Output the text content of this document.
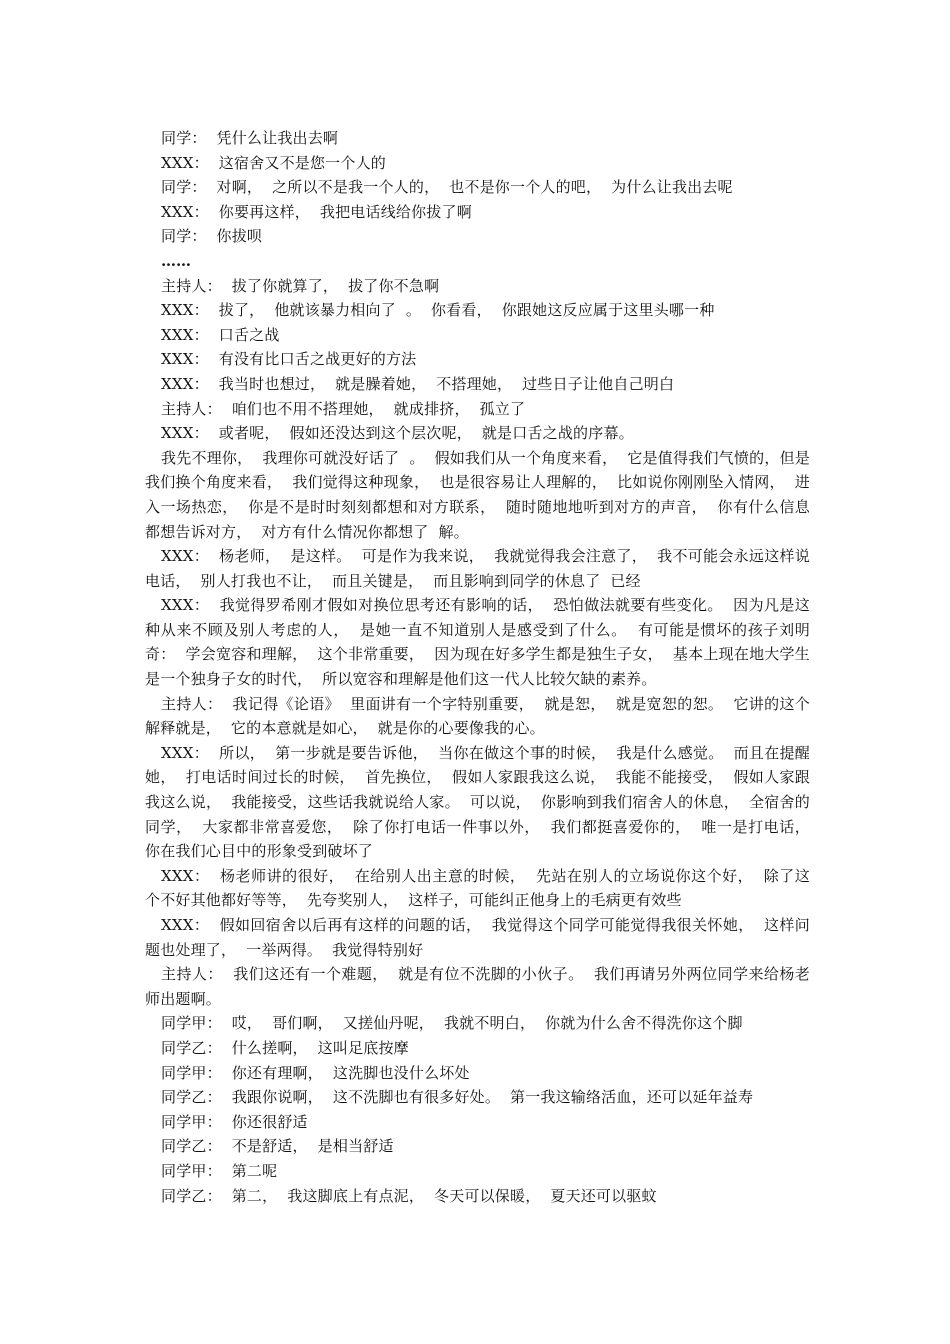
同学：  凭什么让我出去啊

XXX：  这宿舍又不是您一个人的

同学：  对啊，  之所以不是我一个人的，  也不是你一个人的吧，  为什么让我出去呢

XXX：  你要再这样，  我把电话线给你拔了啊

同学：  你拔呗

……

主持人：  拔了你就算了，  拔了你不急啊

XXX：  拔了，  他就该暴力相向了  。  你看看，  你跟她这反应属于这里头哪一种

XXX：  口舌之战

XXX：  有没有比口舌之战更好的方法

XXX：  我当时也想过，  就是臊着她，  不搭理她，  过些日子让他自己明白

主持人：  咱们也不用不搭理她，  就成排挤，  孤立了

XXX：  或者呢，  假如还没达到这个层次呢，  就是口舌之战的序幕。

我先不理你，  我理你可就没好话了  。  假如我们从一个角度来看，  它是值得我们气愤的，但是我们换个角度来看，  我们觉得这种现象，  也是很容易让人理解的，  比如说你刚刚坠入情网，  进入一场热恋，  你是不是时时刻刻都想和对方联系，  随时随地地听到对方的声音，  你有什么信息都想告诉对方，  对方有什么情况你都想了  解。

XXX：  杨老师，  是这样。  可是作为我来说，  我就觉得我会注意了，  我不可能会永远这样说电话，  别人打我也不让，  而且关键是，  而且影响到同学的休息了  已经

XXX：  我觉得罗希刚才假如对换位思考还有影响的话，  恐怕做法就要有些变化。  因为凡是这种从来不顾及别人考虑的人，  是她一直不知道别人是感受到了什么。  有可能是惯坏的孩子刘明奇：  学会宽容和理解，  这个非常重要，  因为现在好多学生都是独生子女，  基本上现在地大学生是一个独身子女的时代，  所以宽容和理解是他们这一代人比较欠缺的素养。

主持人：  我记得《论语》  里面讲有一个字特别重要，  就是恕，  就是宽恕的恕。  它讲的这个解释就是，  它的本意就是如心，  就是你的心要像我的心。

XXX：  所以，  第一步就是要告诉他，  当你在做这个事的时候，  我是什么感觉。  而且在提醒她，  打电话时间过长的时候，  首先换位，  假如人家跟我这么说，  我能不能接受，  假如人家跟我这么说，  我能接受，这些话我就说给人家。  可以说，  你影响到我们宿舍人的休息，  全宿舍的同学，  大家都非常喜爱您，  除了你打电话一件事以外，  我们都挺喜爱你的，  唯一是打电话，  你在我们心目中的形象受到破坏了

XXX：  杨老师讲的很好，  在给别人出主意的时候，  先站在别人的立场说你这个好，  除了这个不好其他都好等等，  先夸奖别人，  这样子，可能纠正他身上的毛病更有效些

XXX：  假如回宿舍以后再有这样的问题的话，  我觉得这个同学可能觉得我很关怀她，  这样问题也处理了，  一举两得。  我觉得特别好

主持人：  我们这还有一个难题，  就是有位不洗脚的小伙子。  我们再请另外两位同学来给杨老师出题啊。

同学甲：  哎，  哥们啊，  又搓仙丹呢，  我就不明白，  你就为什么舍不得洗你这个脚

同学乙：  什么搓啊，  这叫足底按摩

同学甲：  你还有理啊，  这洗脚也没什么坏处

同学乙：  我跟你说啊，  这不洗脚也有很多好处。  第一我这输络活血，还可以延年益寿

同学甲：  你还很舒适

同学乙：  不是舒适，  是相当舒适

同学甲：  第二呢

同学乙：  第二，  我这脚底上有点泥，  冬天可以保暖，  夏天还可以驱蚊
